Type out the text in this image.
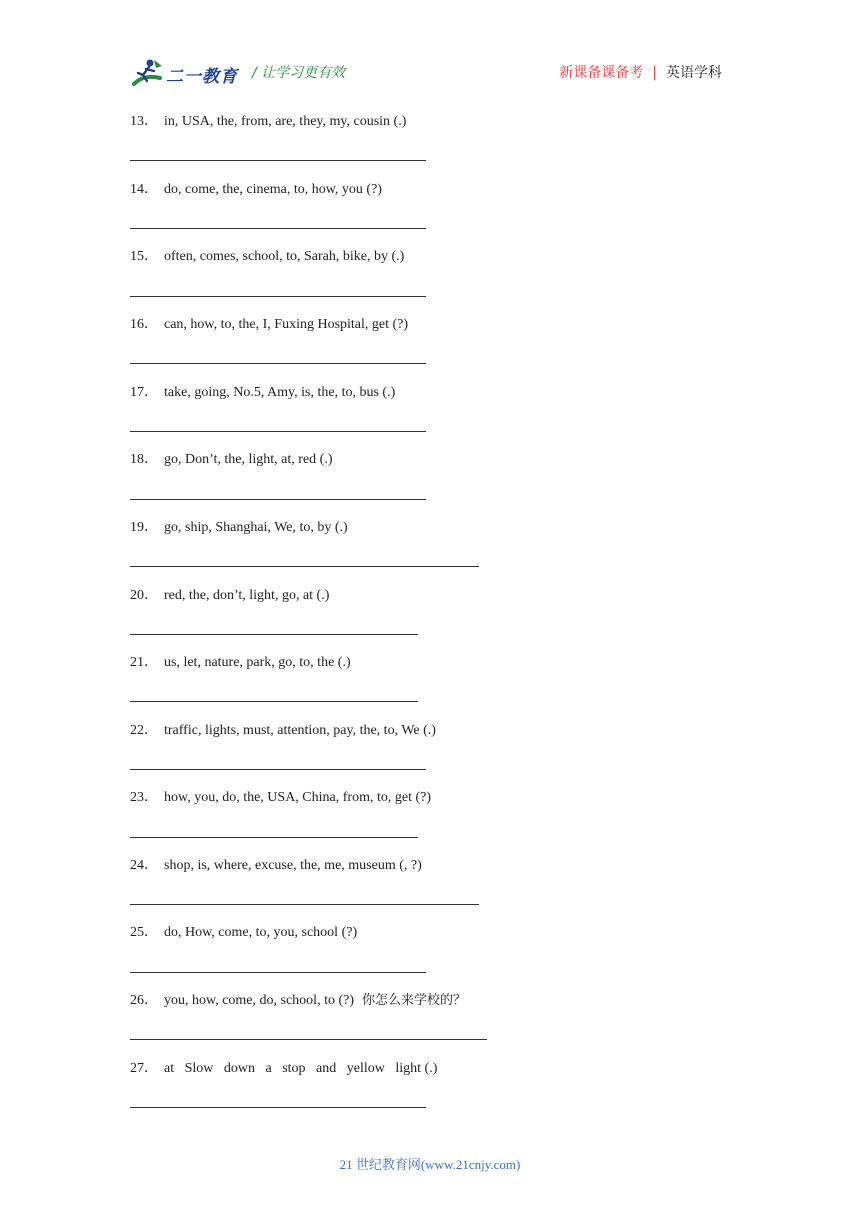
二一教育 / 让学习更有效	新课备课备考 | 英语学科
13． in, USA, the, from, are, they, my, cousin (.)
14． do, come, the, cinema, to, how, you (?)
15． often, comes, school, to, Sarah, bike, by (.)
16． can, how, to, the, I, Fuxing Hospital, get (?)
17． take, going, No.5, Amy, is, the, to, bus (.)
18． go, Don’t, the, light, at, red (.)
19． go, ship, Shanghai, We, to, by (.)
20． red, the, don’t, light, go, at (.)
21． us, let, nature, park, go, to, the (.)
22． traffic, lights, must, attention, pay, the, to, We (.)
23． how, you, do, the, USA, China, from, to, get (?)
24． shop, is, where, excuse, the, me, museum (, ?)
25． do, How, come, to, you, school (?)
26． you, how, come, do, school, to (?) 你怎么来学校的？
27． at   Slow   down   a   stop   and   yellow   light (.)
21 世纪教育网(www.21cnjy.com)
